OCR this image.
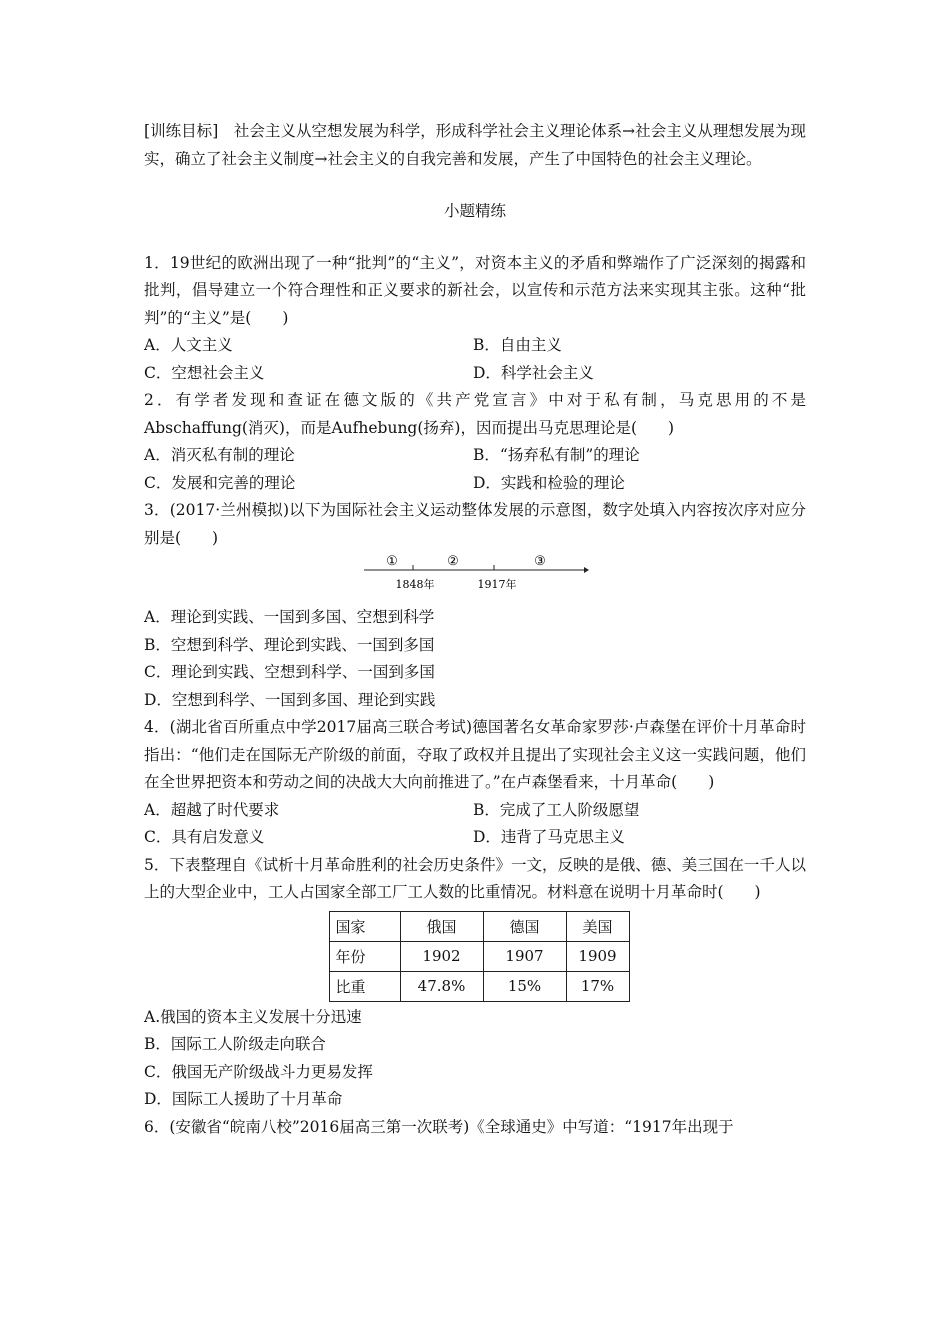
[训练目标]　 社会主义从空想发展为科学，形成科学社会主义理论体系→社会主义从理想发展为现实，确立了社会主义制度→社会主义的自我完善和发展，产生了中国特色的社会主义理论。

小题精练

1．19世纪的欧洲出现了一种“批判”的“主义”，对资本主义的矛盾和弊端作了广泛深刻的揭露和批判，倡导建立一个符合理性和正义要求的新社会，以宣传和示范方法来实现其主张。这种“批判”的“主义”是(　　)

A．人文主义	B．自由主义
C．空想社会主义	D．科学社会主义

2．有学者发现和查证在德文版的《共产党宣言》中对于私有制，马克思用的不是Abschaffung(消灭)，而是Aufhebung(扬弃)，因而提出马克思理论是(　　)

A．消灭私有制的理论	B．“扬弃私有制”的理论
C．发展和完善的理论	D．实践和检验的理论

3．(2017·兰州模拟)以下为国际社会主义运动整体发展的示意图，数字处填入内容按次序对应分别是(　　)

①	②	③
1848年	1917年

A．理论到实践、一国到多国、空想到科学

B．空想到科学、理论到实践、一国到多国

C．理论到实践、空想到科学、一国到多国

D．空想到科学、一国到多国、理论到实践

4．(湖北省百所重点中学2017届高三联合考试)德国著名女革命家罗莎·卢森堡在评价十月革命时指出：“他们走在国际无产阶级的前面，夺取了政权并且提出了实现社会主义这一实践问题，他们在全世界把资本和劳动之间的决战大大向前推进了。”在卢森堡看来，十月革命(　　)

A．超越了时代要求	B．完成了工人阶级愿望
C．具有启发意义	D．违背了马克思主义

5．下表整理自《试析十月革命胜利的社会历史条件》一文，反映的是俄、德、美三国在一千人以上的大型企业中，工人占国家全部工厂工人数的比重情况。材料意在说明十月革命时(　　)

国家	俄国	德国	美国
年份	1902	1907	1909
比重	47.8%	15%	17%

A.俄国的资本主义发展十分迅速

B．国际工人阶级走向联合

C．俄国无产阶级战斗力更易发挥

D．国际工人援助了十月革命

6．(安徽省“皖南八校”2016届高三第一次联考)《全球通史》中写道：“1917年出现于
